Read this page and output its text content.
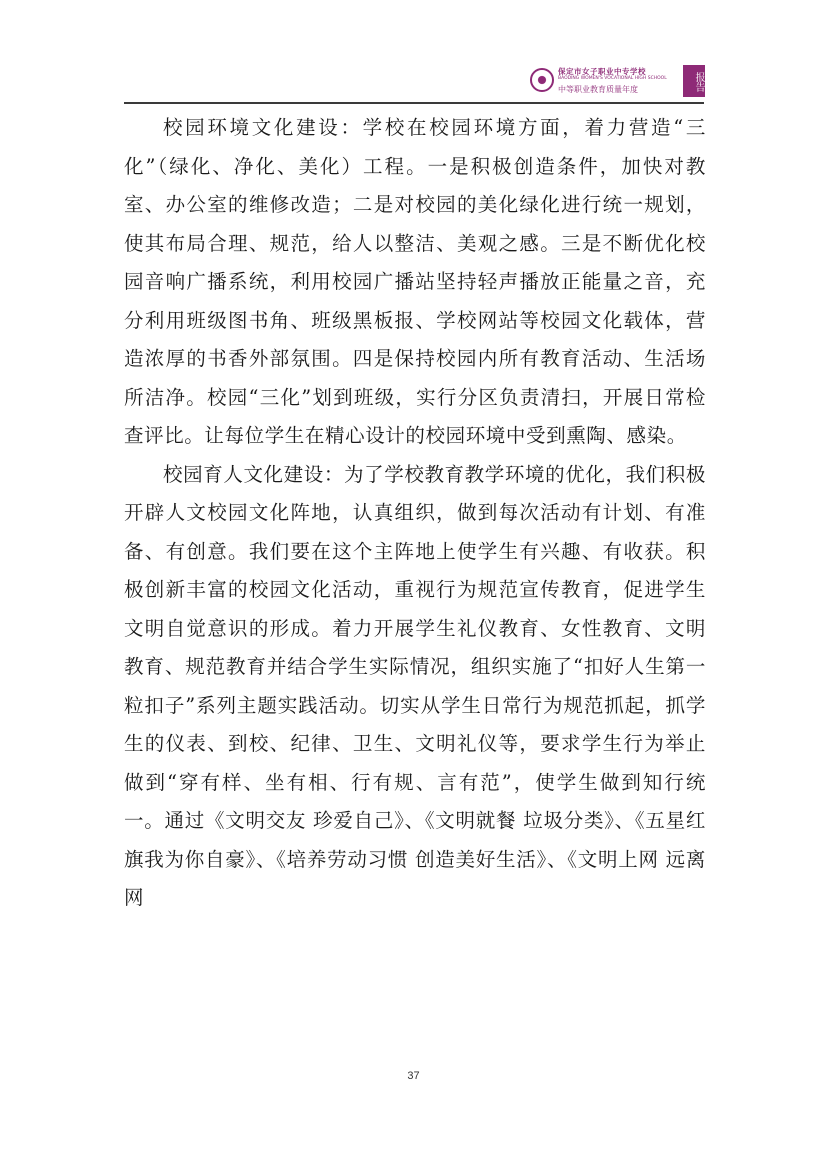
保定市女子职业中专学校
BAODING WOMEN'S VOCATIONAL HIGH SCHOOL
中等职业教育质量年度	报告

校园环境文化建设：学校在校园环境方面，着力营造“三化”（绿化、净化、美化）工程。一是积极创造条件，加快对教室、办公室的维修改造；二是对校园的美化绿化进行统一规划，使其布局合理、规范，给人以整洁、美观之感。三是不断优化校园音响广播系统，利用校园广播站坚持轻声播放正能量之音，充分利用班级图书角、班级黑板报、学校网站等校园文化载体，营造浓厚的书香外部氛围。四是保持校园内所有教育活动、生活场所洁净。校园“三化”划到班级，实行分区负责清扫，开展日常检查评比。让每位学生在精心设计的校园环境中受到熏陶、感染。

校园育人文化建设：为了学校教育教学环境的优化，我们积极开辟人文校园文化阵地，认真组织，做到每次活动有计划、有准备、有创意。我们要在这个主阵地上使学生有兴趣、有收获。积极创新丰富的校园文化活动，重视行为规范宣传教育，促进学生文明自觉意识的形成。着力开展学生礼仪教育、女性教育、文明教育、规范教育并结合学生实际情况，组织实施了“扣好人生第一粒扣子”系列主题实践活动。切实从学生日常行为规范抓起，抓学生的仪表、到校、纪律、卫生、文明礼仪等，要求学生行为举止做到“穿有样、坐有相、行有规、言有范”，使学生做到知行统一。通过《文明交友 珍爱自己》、《文明就餐 垃圾分类》、《五星红旗我为你自豪》、《培养劳动习惯 创造美好生活》、《文明上网 远离网

37
